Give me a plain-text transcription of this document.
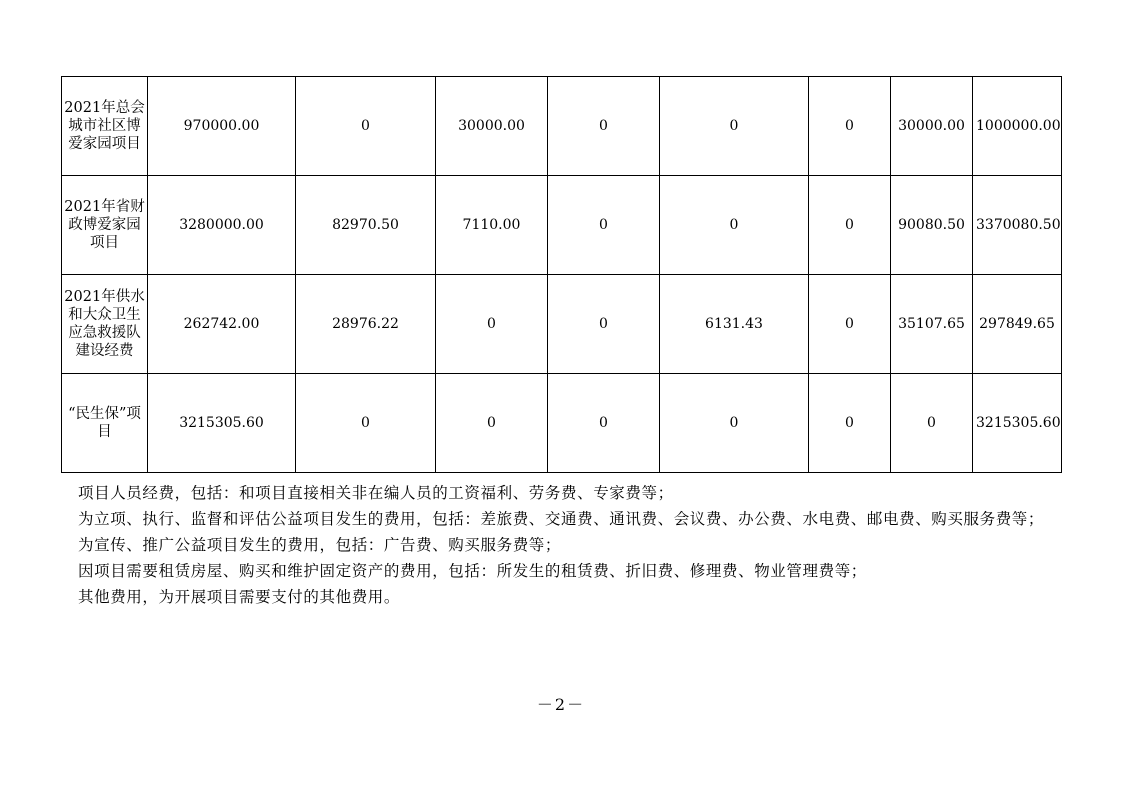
2021年总会城市社区博爱家园项目	970000.00	0	30000.00	0	0	0	30000.00	1000000.00
2021年省财政博爱家园项目	3280000.00	82970.50	7110.00	0	0	0	90080.50	3370080.50
2021年供水和大众卫生应急救援队建设经费	262742.00	28976.22	0	0	6131.43	0	35107.65	297849.65
“民生保”项目	3215305.60	0	0	0	0	0	0	3215305.60

项目人员经费，包括：和项目直接相关非在编人员的工资福利、劳务费、专家费等；

为立项、执行、监督和评估公益项目发生的费用，包括：差旅费、交通费、通讯费、会议费、办公费、水电费、邮电费、购买服务费等；

为宣传、推广公益项目发生的费用，包括：广告费、购买服务费等；

因项目需要租赁房屋、购买和维护固定资产的费用，包括：所发生的租赁费、折旧费、修理费、物业管理费等；

其他费用，为开展项目需要支付的其他费用。

－2－
